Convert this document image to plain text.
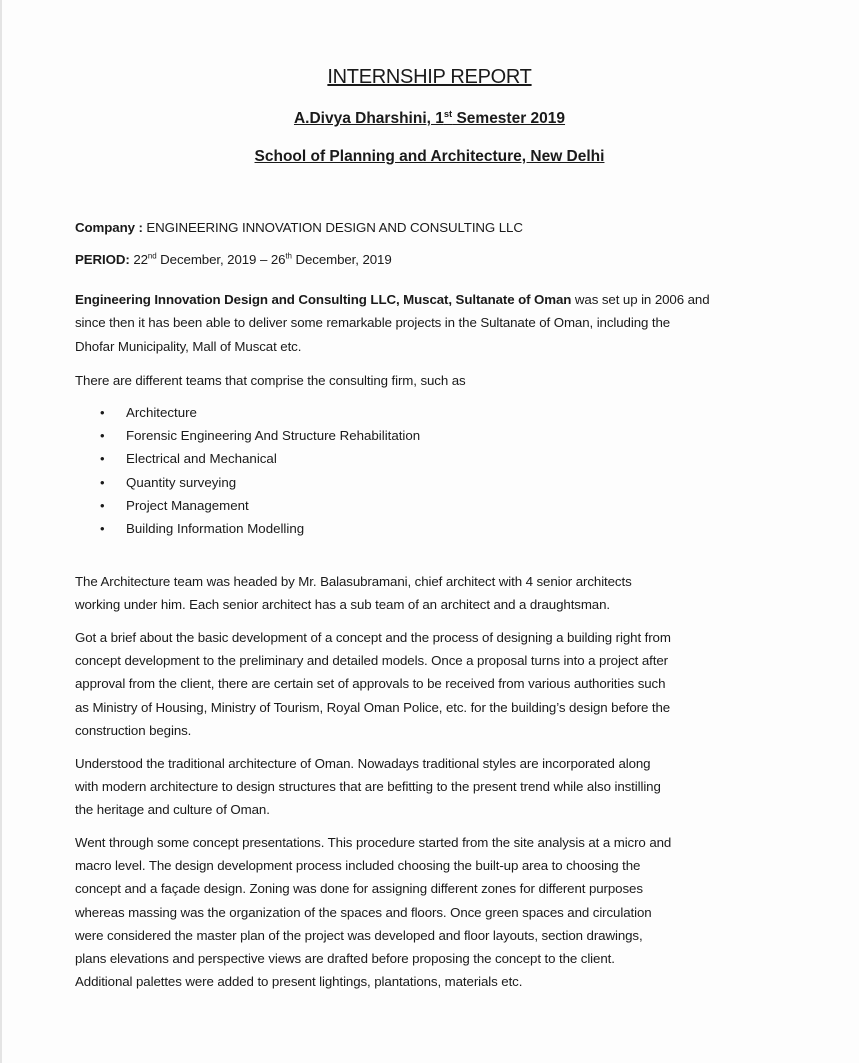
INTERNSHIP REPORT
A.Divya Dharshini, 1st Semester 2019
School of Planning and Architecture, New Delhi
Company : ENGINEERING INNOVATION DESIGN AND CONSULTING LLC
PERIOD: 22nd December, 2019 – 26th December, 2019
Engineering Innovation Design and Consulting LLC, Muscat, Sultanate of Oman was set up in 2006 and
since then it has been able to deliver some remarkable projects in the Sultanate of Oman, including the
Dhofar Municipality, Mall of Muscat etc.
There are different teams that comprise the consulting firm, such as
• Architecture
• Forensic Engineering And Structure Rehabilitation
• Electrical and Mechanical
• Quantity surveying
• Project Management
• Building Information Modelling
The Architecture team was headed by Mr. Balasubramani, chief architect with 4 senior architects
working under him. Each senior architect has a sub team of an architect and a draughtsman.
Got a brief about the basic development of a concept and the process of designing a building right from
concept development to the preliminary and detailed models. Once a proposal turns into a project after
approval from the client, there are certain set of approvals to be received from various authorities such
as Ministry of Housing, Ministry of Tourism, Royal Oman Police, etc. for the building’s design before the
construction begins.
Understood the traditional architecture of Oman. Nowadays traditional styles are incorporated along
with modern architecture to design structures that are befitting to the present trend while also instilling
the heritage and culture of Oman.
Went through some concept presentations. This procedure started from the site analysis at a micro and
macro level. The design development process included choosing the built-up area to choosing the
concept and a façade design. Zoning was done for assigning different zones for different purposes
whereas massing was the organization of the spaces and floors. Once green spaces and circulation
were considered the master plan of the project was developed and floor layouts, section drawings,
plans elevations and perspective views are drafted before proposing the concept to the client.
Additional palettes were added to present lightings, plantations, materials etc.
